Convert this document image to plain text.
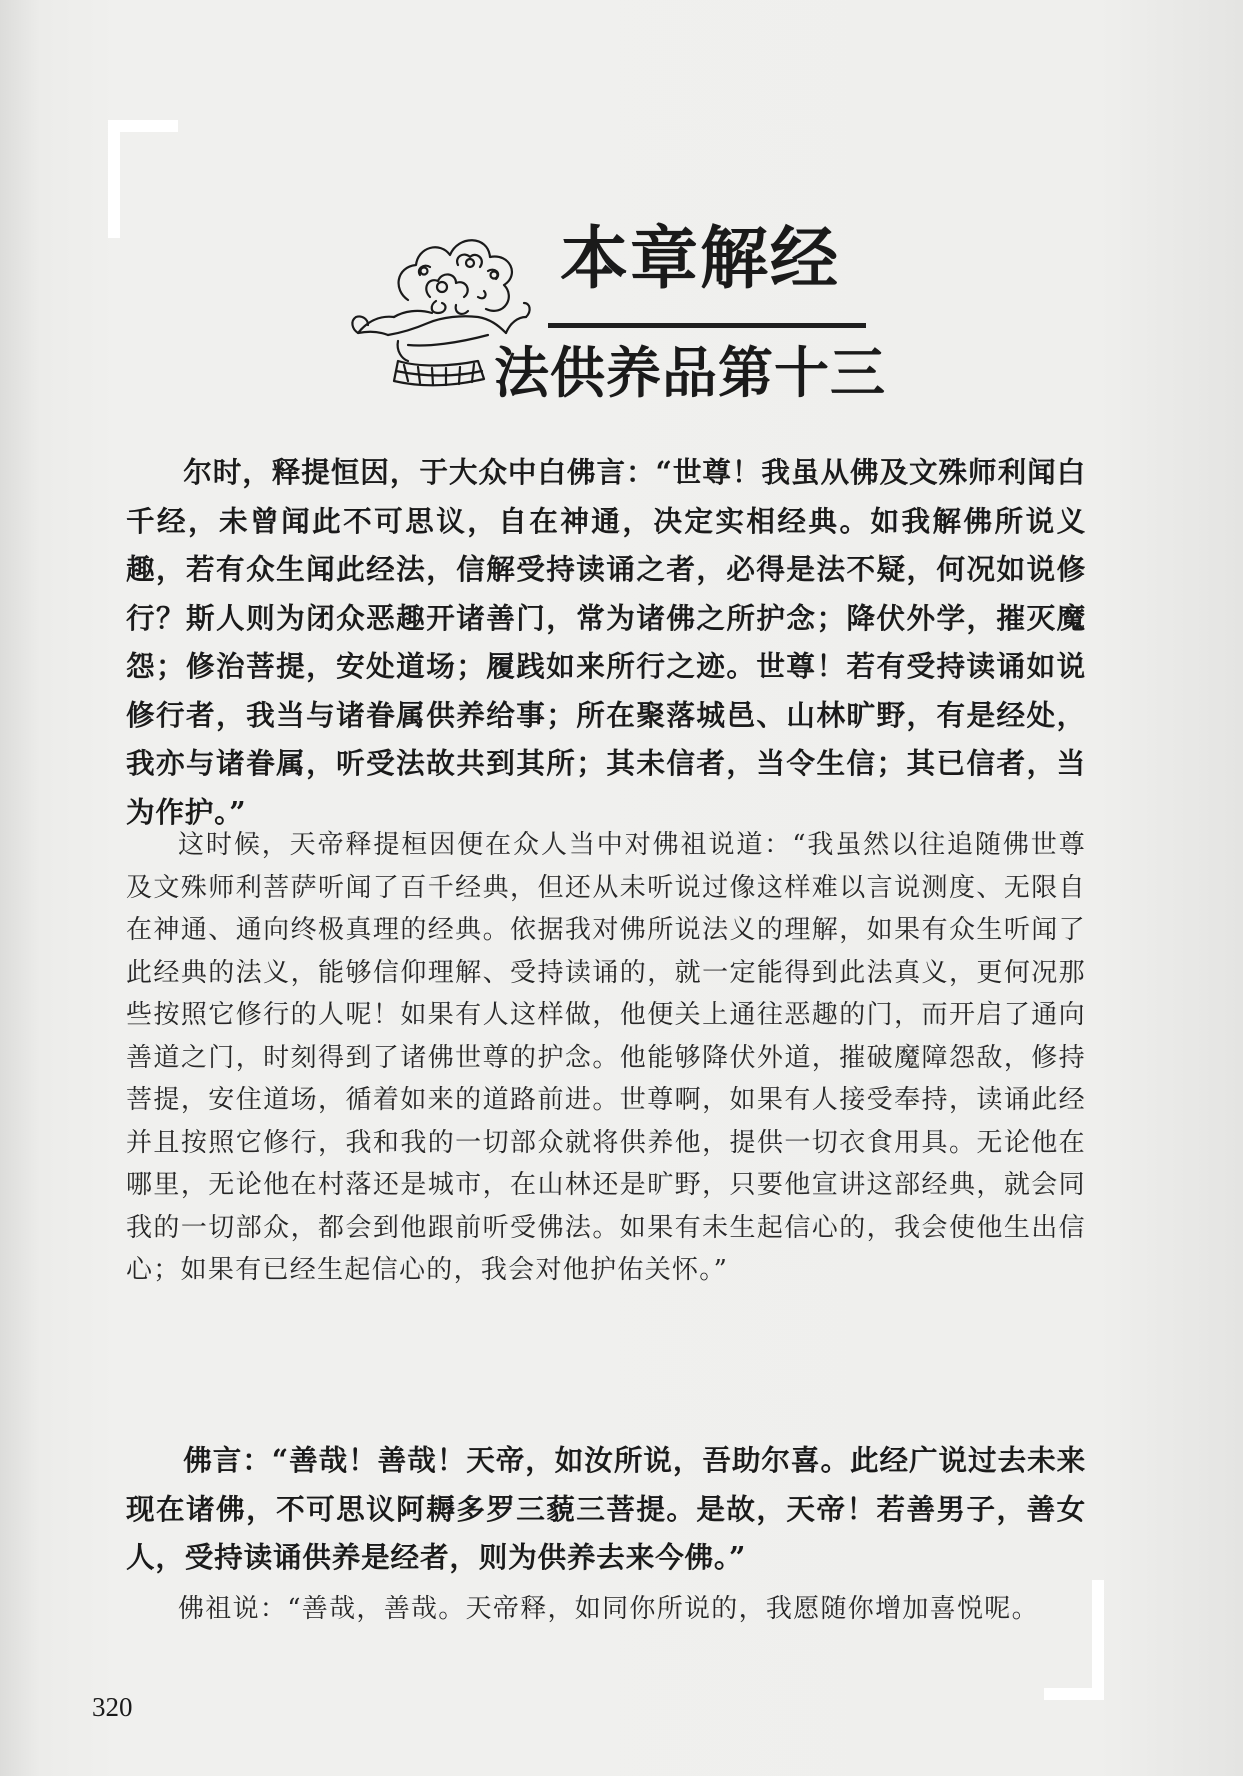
本章解经
法供养品第十三

尔时，释提恒因，于大众中白佛言：“世尊！我虽从佛及文殊师利闻白千经，未曾闻此不可思议，自在神通，决定实相经典。如我解佛所说义趣，若有众生闻此经法，信解受持读诵之者，必得是法不疑，何况如说修行？斯人则为闭众恶趣开诸善门，常为诸佛之所护念；降伏外学，摧灭魔怨；修治菩提，安处道场；履践如来所行之迹。世尊！若有受持读诵如说修行者，我当与诸眷属供养给事；所在聚落城邑、山林旷野，有是经处，我亦与诸眷属，听受法故共到其所；其未信者，当令生信；其已信者，当为作护。”

这时候，天帝释提桓因便在众人当中对佛祖说道：“我虽然以往追随佛世尊及文殊师利菩萨听闻了百千经典，但还从未听说过像这样难以言说测度、无限自在神通、通向终极真理的经典。依据我对佛所说法义的理解，如果有众生听闻了此经典的法义，能够信仰理解、受持读诵的，就一定能得到此法真义，更何况那些按照它修行的人呢！如果有人这样做，他便关上通往恶趣的门，而开启了通向善道之门，时刻得到了诸佛世尊的护念。他能够降伏外道，摧破魔障怨敌，修持菩提，安住道场，循着如来的道路前进。世尊啊，如果有人接受奉持，读诵此经并且按照它修行，我和我的一切部众就将供养他，提供一切衣食用具。无论他在哪里，无论他在村落还是城市，在山林还是旷野，只要他宣讲这部经典，就会同我的一切部众，都会到他跟前听受佛法。如果有未生起信心的，我会使他生出信心；如果有已经生起信心的，我会对他护佑关怀。”

佛言：“善哉！善哉！天帝，如汝所说，吾助尔喜。此经广说过去未来现在诸佛，不可思议阿耨多罗三藐三菩提。是故，天帝！若善男子，善女人，受持读诵供养是经者，则为供养去来今佛。”

佛祖说：“善哉，善哉。天帝释，如同你所说的，我愿随你增加喜悦呢。

320
